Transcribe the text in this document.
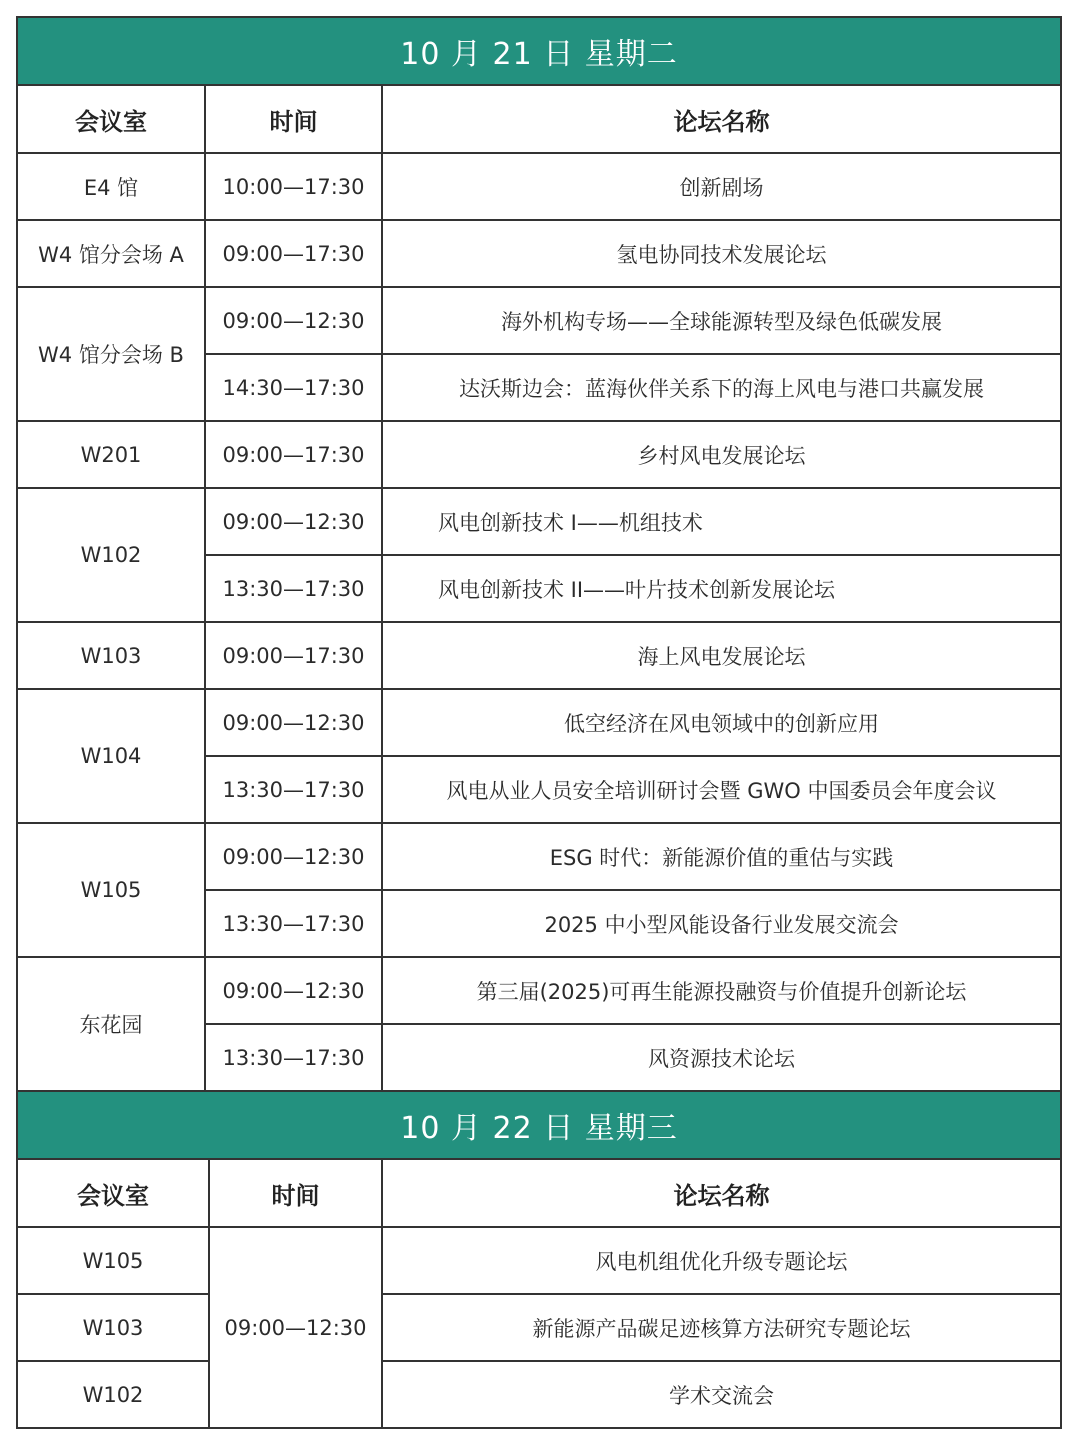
10 月 21 日 星期二		
会议室	时间	论坛名称
E4 馆	10:00—17:30	创新剧场
W4 馆分会场 A	09:00—17:30	氢电协同技术发展论坛
W4 馆分会场 B	09:00—12:30	海外机构专场——全球能源转型及绿色低碳发展
	14:30—17:30	达沃斯边会：蓝海伙伴关系下的海上风电与港口共赢发展
W201	09:00—17:30	乡村风电发展论坛
W102	09:00—12:30	风电创新技术 I——机组技术
	13:30—17:30	风电创新技术 II——叶片技术创新发展论坛
W103	09:00—17:30	海上风电发展论坛
W104	09:00—12:30	低空经济在风电领域中的创新应用
	13:30—17:30	风电从业人员安全培训研讨会暨 GWO 中国委员会年度会议
W105	09:00—12:30	ESG 时代：新能源价值的重估与实践
	13:30—17:30	2025 中小型风能设备行业发展交流会
东花园	09:00—12:30	第三届(2025)可再生能源投融资与价值提升创新论坛
	13:30—17:30	风资源技术论坛
10 月 22 日 星期三		
会议室	时间	论坛名称
W105	09:00—12:30	风电机组优化升级专题论坛
W103		新能源产品碳足迹核算方法研究专题论坛
W102		学术交流会
